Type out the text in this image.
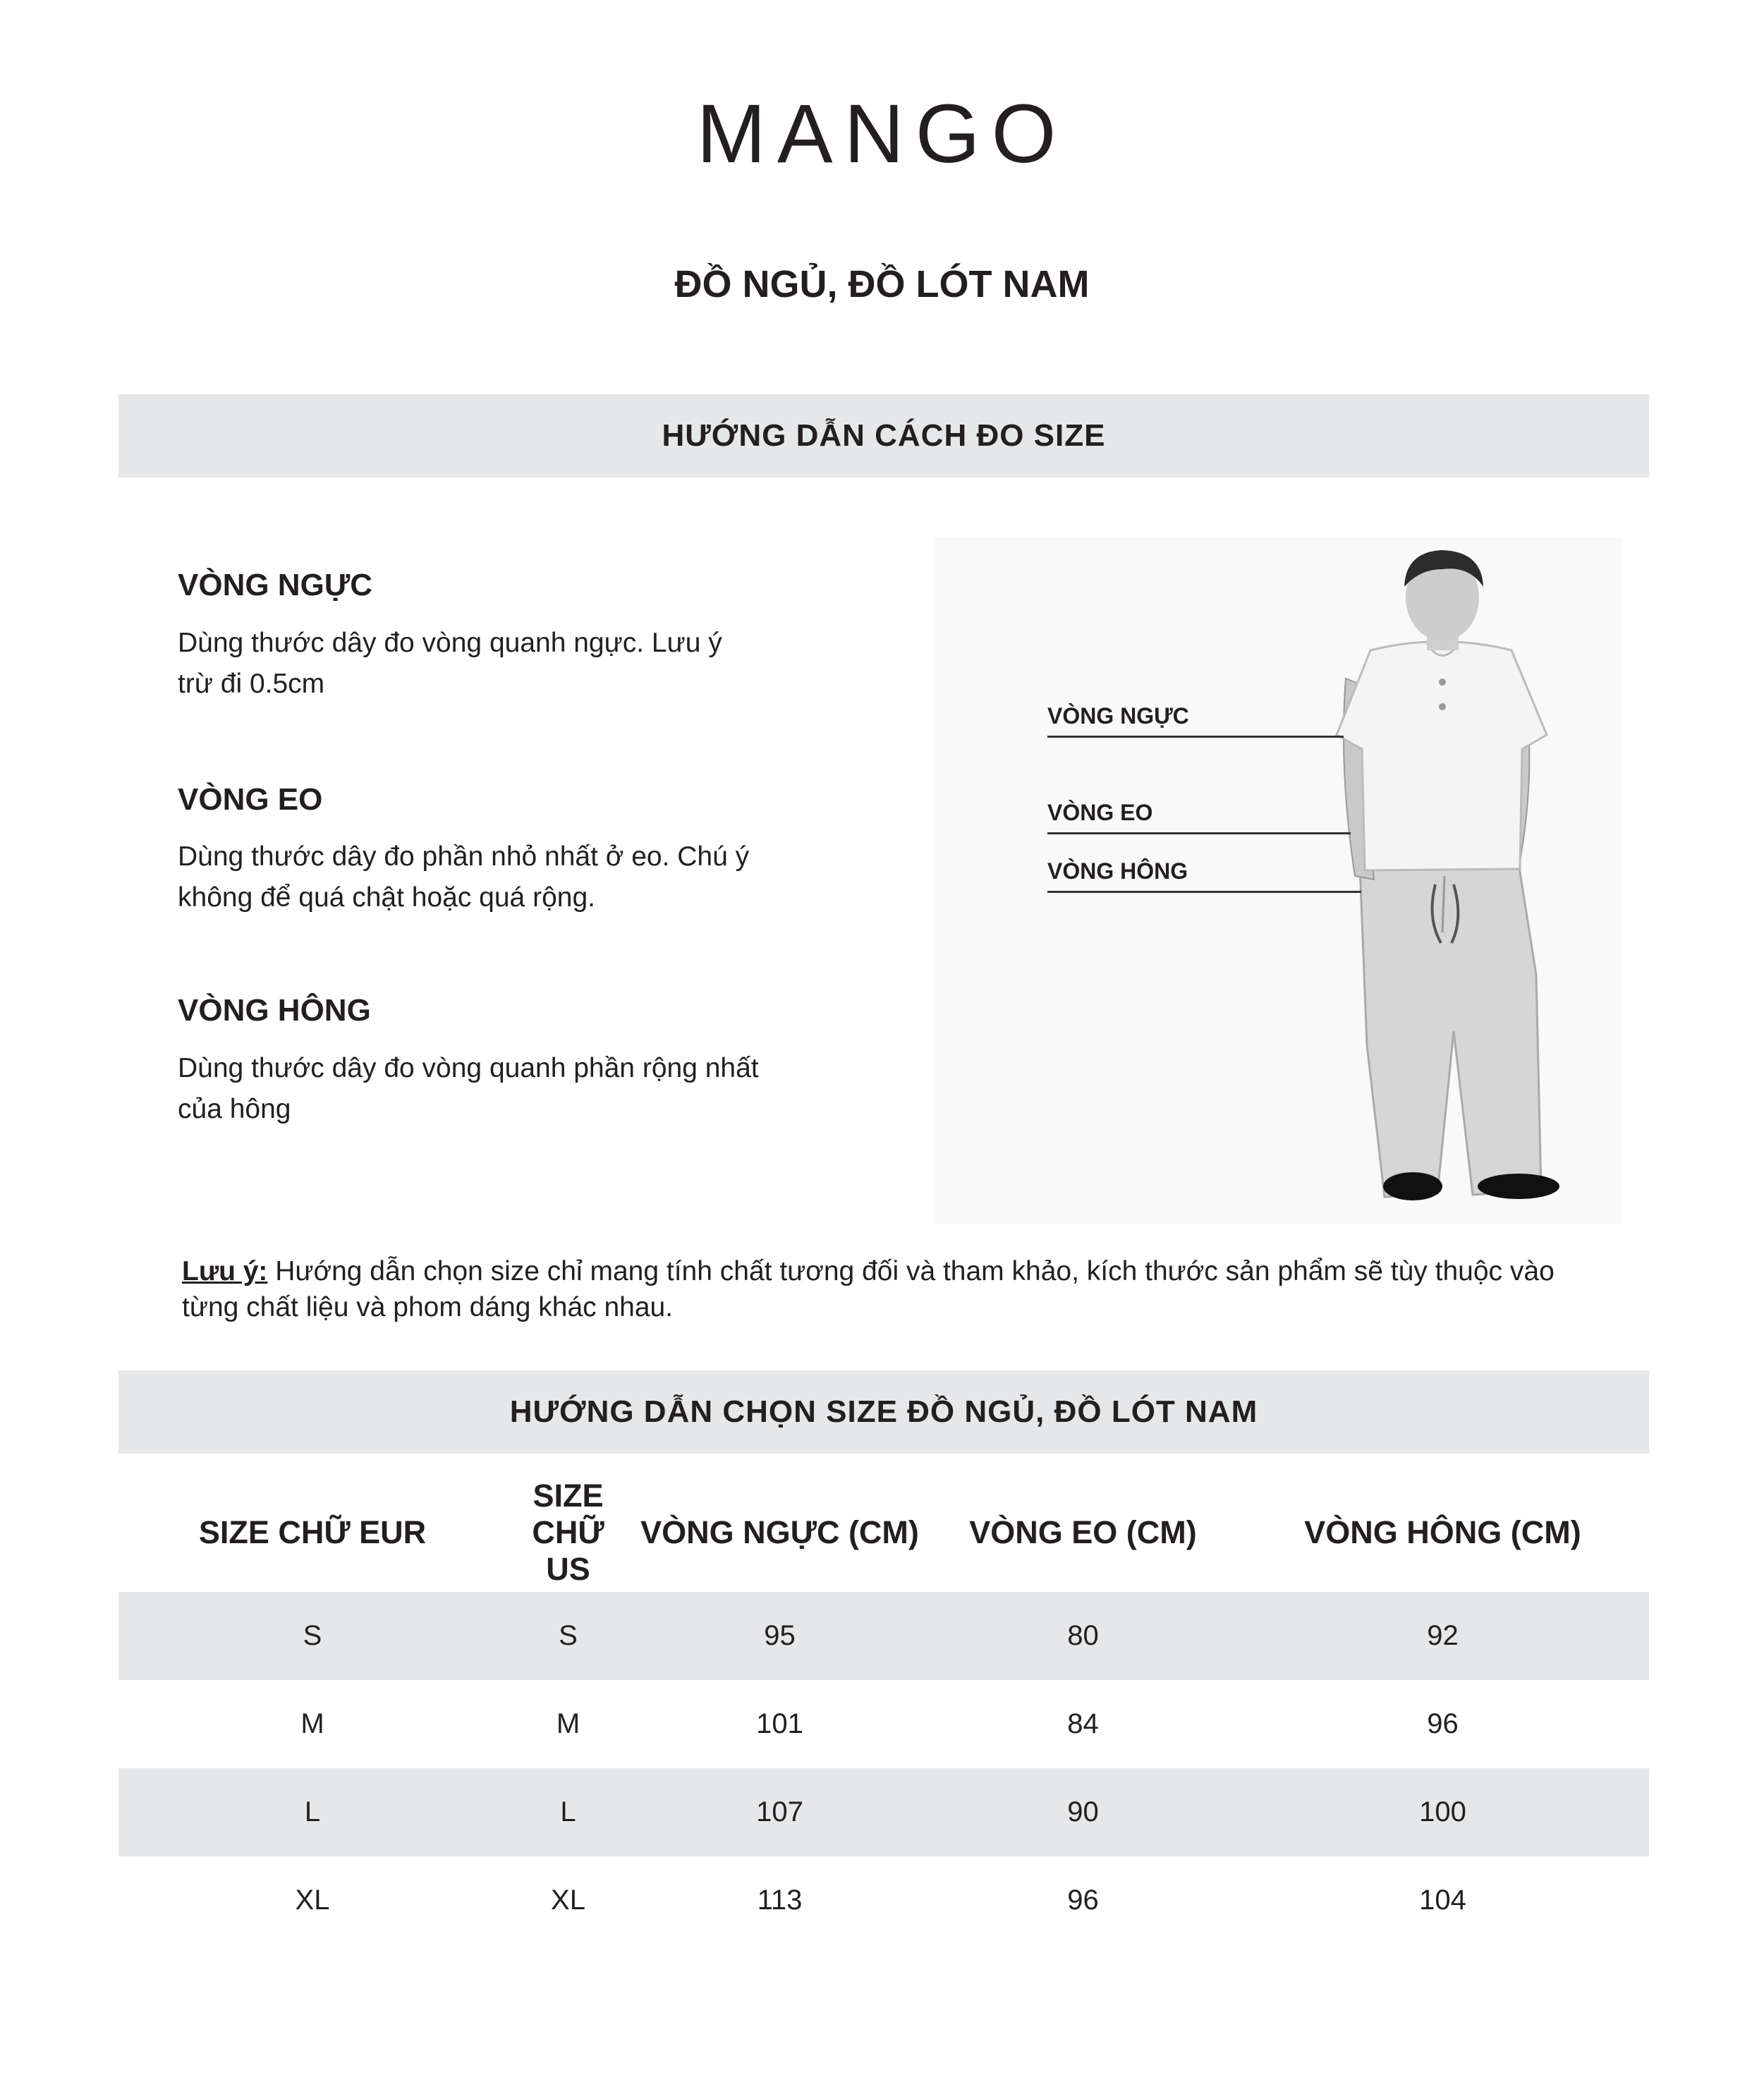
MANGO
ĐỒ NGỦ, ĐỒ LÓT NAM
HƯỚNG DẪN CÁCH ĐO SIZE
VÒNG NGỰC
Dùng thước dây đo vòng quanh ngực. Lưu ý
trừ đi 0.5cm
VÒNG EO
Dùng thước dây đo phần nhỏ nhất ở eo. Chú ý
không để quá chật hoặc quá rộng.
VÒNG HÔNG
Dùng thước dây đo vòng quanh phần rộng nhất
của hông
VÒNG NGỰC
VÒNG EO
VÒNG HÔNG
Lưu ý: Hướng dẫn chọn size chỉ mang tính chất tương đối và tham khảo, kích thước sản phẩm sẽ tùy thuộc vào
từng chất liệu và phom dáng khác nhau.
HƯỚNG DẪN CHỌN SIZE ĐỒ NGỦ, ĐỒ LÓT NAM
SIZE CHỮ EUR	SIZE CHỮ US	VÒNG NGỰC (CM)	VÒNG EO (CM)	VÒNG HÔNG (CM)
S	S	95	80	92
M	M	101	84	96
L	L	107	90	100
XL	XL	113	96	104
